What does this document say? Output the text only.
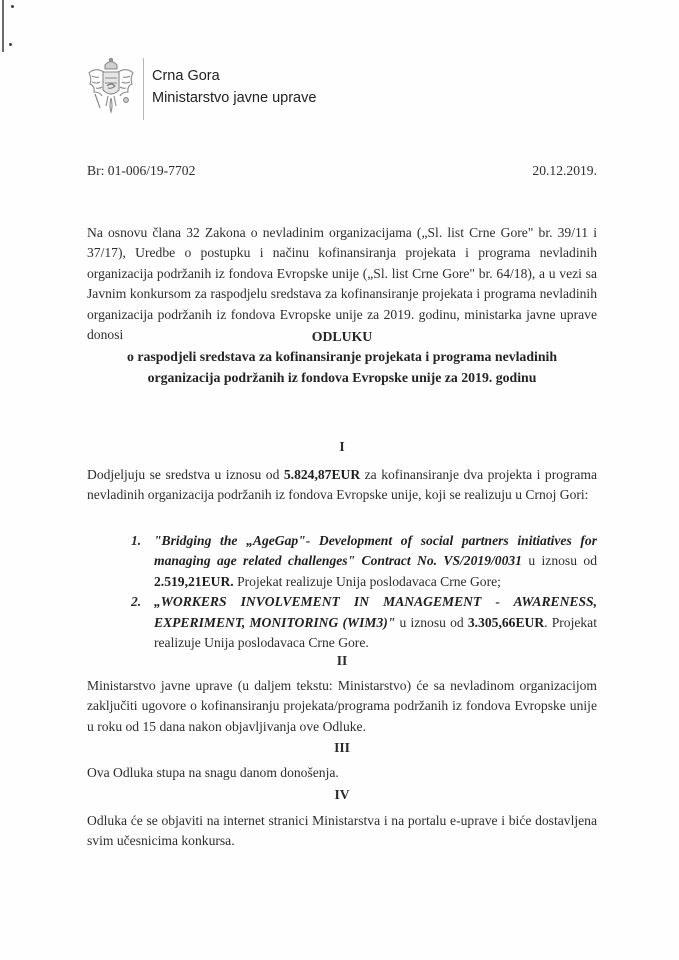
Crna Gora
Ministarstvo javne uprave
Br: 01-006/19-7702	20.12.2019.
Na osnovu člana 32 Zakona o nevladinim organizacijama („Sl. list Crne Gore" br. 39/11 i 37/17), Uredbe o postupku i načinu kofinansiranja projekata i programa nevladinih organizacija podržanih iz fondova Evropske unije („Sl. list Crne Gore" br. 64/18), a u vezi sa Javnim konkursom za raspodjelu sredstava za kofinansiranje projekata i programa nevladinih organizacija podržanih iz fondova Evropske unije za 2019. godinu, ministarka javne uprave donosi	ODLUKU
o raspodjeli sredstava za kofinansiranje projekata i programa nevladinih
organizacija podržanih iz fondova Evropske unije za 2019. godinu
I
Dodjeljuju se sredstva u iznosu od 5.824,87EUR za kofinansiranje dva projekta i programa nevladinih organizacija podržanih iz fondova Evropske unije, koji se realizuju u Crnoj Gori:
1. "Bridging the „AgeGap"- Development of social partners initiatives for managing age related challenges" Contract No. VS/2019/0031 u iznosu od 2.519,21EUR. Projekat realizuje Unija poslodavaca Crne Gore;
2. „WORKERS INVOLVEMENT IN MANAGEMENT - AWARENESS, EXPERIMENT, MONITORING (WIM3)" u iznosu od 3.305,66EUR. Projekat realizuje Unija poslodavaca Crne Gore.
II
Ministarstvo javne uprave (u daljem tekstu: Ministarstvo) će sa nevladinom organizacijom zaključiti ugovore o kofinansiranju projekata/programa podržanih iz fondova Evropske unije u roku od 15 dana nakon objavljivanja ove Odluke.
III
Ova Odluka stupa na snagu danom donošenja.
IV
Odluka će se objaviti na internet stranici Ministarstva i na portalu e-uprave i biće dostavljena svim učesnicima konkursa.
